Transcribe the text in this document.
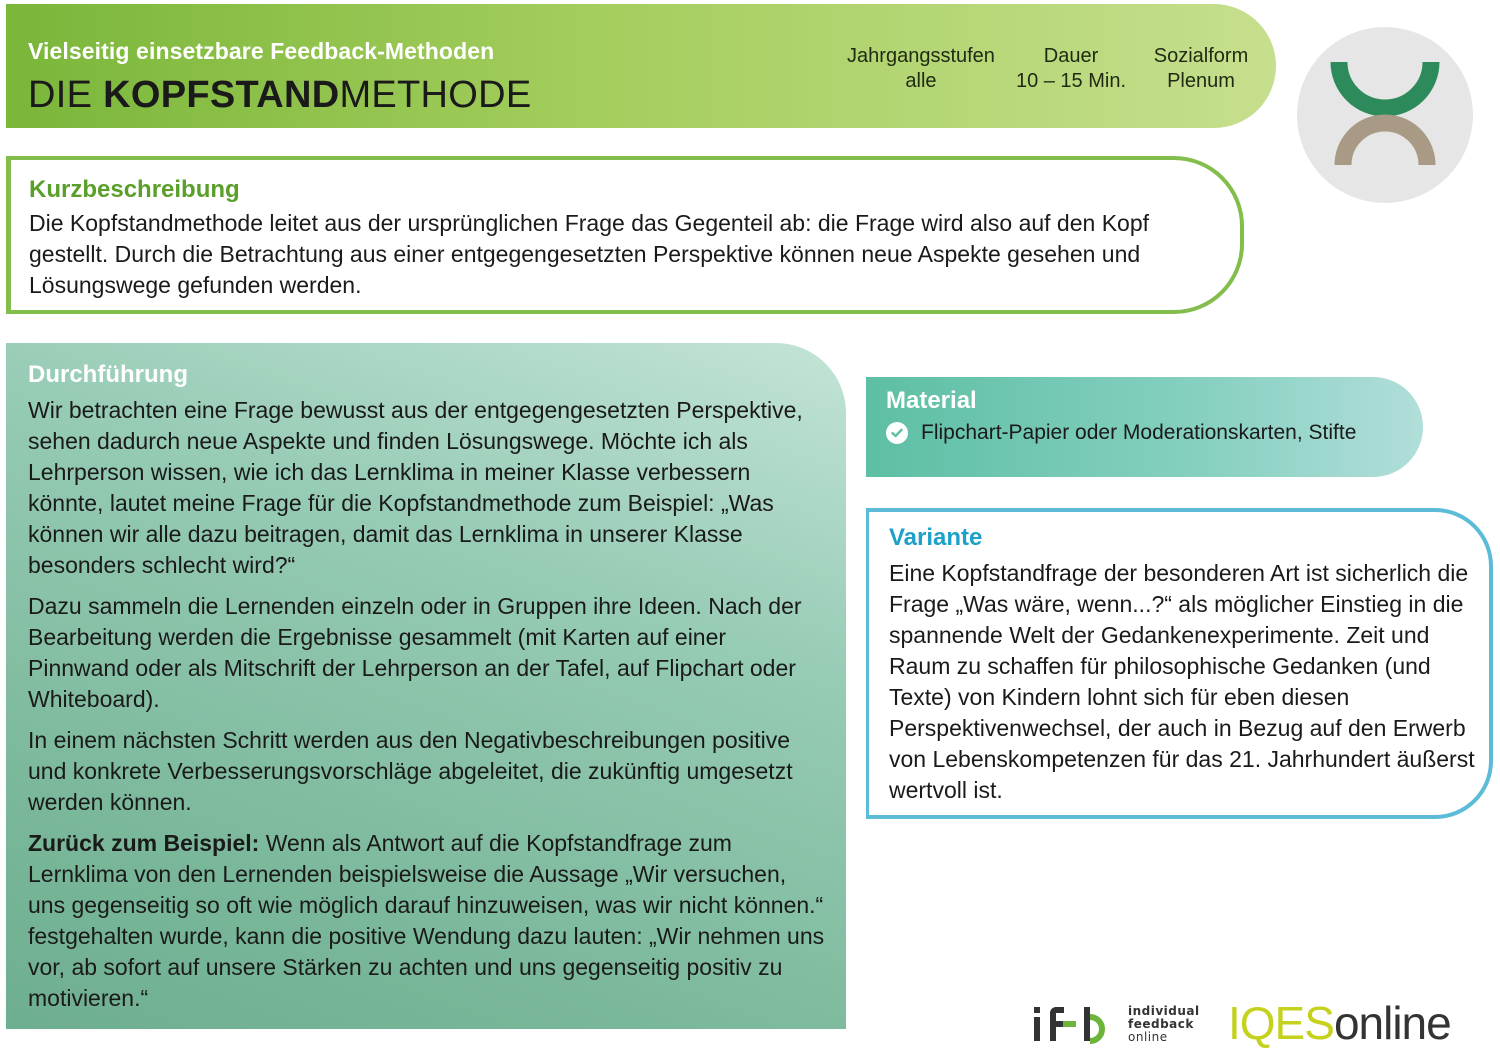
Vielseitig einsetzbare Feedback-Methoden
DIE KOPFSTANDMETHODE
Jahrgangsstufen
alle
Dauer
10 – 15 Min.
Sozialform
Plenum
Kurzbeschreibung
Die Kopfstandmethode leitet aus der ursprünglichen Frage das Gegenteil ab: die Frage wird also auf den Kopf gestellt. Durch die Betrachtung aus einer entgegengesetzten Perspektive können neue Aspekte gesehen und Lösungswege gefunden werden.
Durchführung

Wir betrachten eine Frage bewusst aus der entgegengesetzten Perspektive, sehen dadurch neue Aspekte und finden Lösungswege. Möchte ich als Lehrperson wissen, wie ich das Lernklima in meiner Klasse verbessern könnte, lautet meine Frage für die Kopfstandmethode zum Beispiel: „Was können wir alle dazu beitragen, damit das Lernklima in unserer Klasse besonders schlecht wird?“

Dazu sammeln die Lernenden einzeln oder in Gruppen ihre Ideen. Nach der Bearbeitung werden die Ergebnisse gesammelt (mit Karten auf einer Pinnwand oder als Mitschrift der Lehrperson an der Tafel, auf Flipchart oder Whiteboard).

In einem nächsten Schritt werden aus den Negativbeschreibungen positive und konkrete Verbesserungsvorschläge abgeleitet, die zukünftig umgesetzt werden können.

Zurück zum Beispiel: Wenn als Antwort auf die Kopfstandfrage zum Lernklima von den Lernenden beispielsweise die Aussage „Wir versuchen, uns gegenseitig so oft wie möglich darauf hinzuweisen, was wir nicht können.“ festgehalten wurde, kann die positive Wendung dazu lauten: „Wir nehmen uns vor, ab sofort auf unsere Stärken zu achten und uns gegenseitig positiv zu motivieren.“

Material
Flipchart-Papier oder Moderationskarten, Stifte
Variante
Eine Kopfstandfrage der besonderen Art ist sicherlich die Frage „Was wäre, wenn...?“ als möglicher Einstieg in die spannende Welt der Gedankenexperimente. Zeit und Raum zu schaffen für philosophische Gedanken (und Texte) von Kindern lohnt sich für eben diesen Perspektivenwechsel, der auch in Bezug auf den Erwerb von Lebenskompetenzen für das 21. Jahrhundert äußerst wertvoll ist.
individual
feedback
online	IQESonline
